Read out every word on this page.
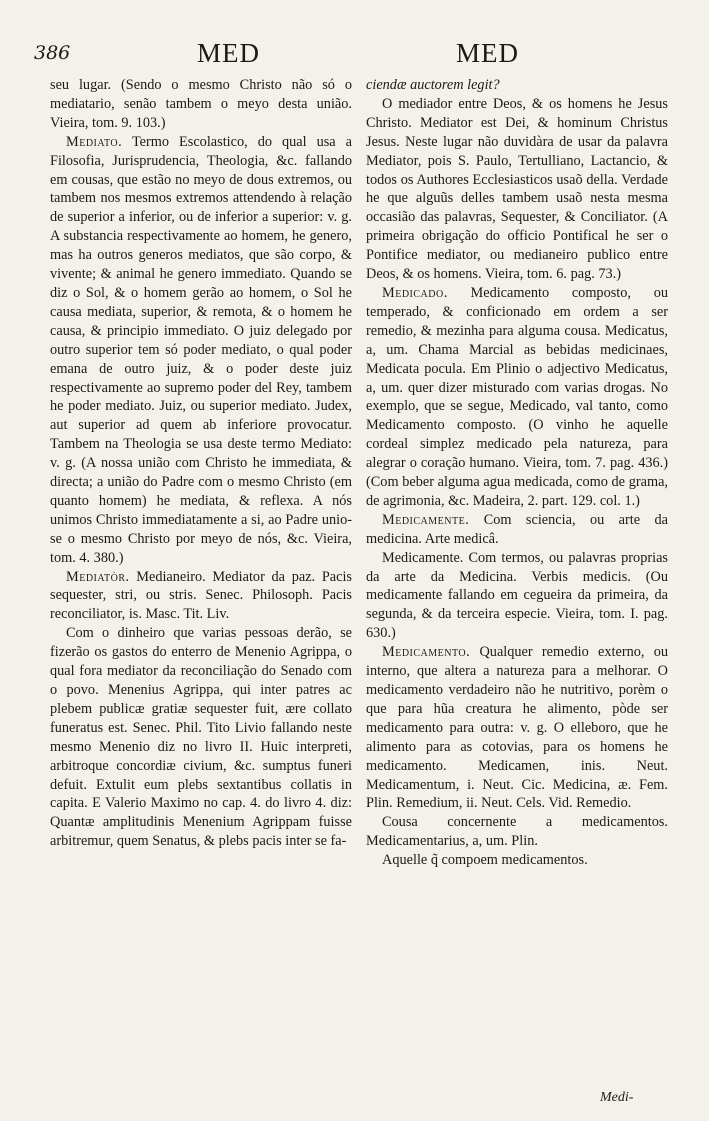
386	MED	MED

seu lugar. (Sendo o mesmo Christo não só o mediatario, senão tambem o meyo desta união. Vieira, tom. 9. 103.)

Mediato. Termo Escolastico, do qual usa a Filosofia, Jurisprudencia, Theologia, &c. fallando em cousas, que estão no meyo de dous extremos, ou tambem nos mesmos extremos attendendo à relação de superior a inferior, ou de inferior a superior: v. g. A substancia respectivamente ao homem, he genero, mas ha outros generos mediatos, que são corpo, & vivente; & animal he genero immediato. Quando se diz o Sol, & o homem gerão ao homem, o Sol he causa mediata, superior, & remota, & o homem he causa, & principio immediato. O juiz delegado por outro superior tem só poder mediato, o qual poder emana de outro juiz, & o poder deste juiz respectivamente ao supremo poder del Rey, tambem he poder mediato. Juiz, ou superior mediato. Judex, aut superior ad quem ab inferiore provocatur. Tambem na Theologia se usa deste termo Mediato: v. g. (A nossa união com Christo he immediata, & directa; a união do Padre com o mesmo Christo (em quanto homem) he mediata, & reflexa. A nós unimos Christo immediatamente a si, ao Padre unio-se o mesmo Christo por meyo de nós, &c. Vieira, tom. 4. 380.)

Mediatòr. Medianeiro. Mediator da paz. Pacis sequester, stri, ou stris. Senec. Philosoph. Pacis reconciliator, is. Masc. Tit. Liv.

Com o dinheiro que varias pessoas derão, se fizerão os gastos do enterro de Menenio Agrippa, o qual fora mediator da reconciliação do Senado com o povo. Menenius Agrippa, qui inter patres ac plebem publicæ gratiæ sequester fuit, ære collato funeratus est. Senec. Phil. Tito Livio fallando neste mesmo Menenio diz no livro II. Huic interpreti, arbitroque concordiæ civium, &c. sumptus funeri defuit. Extulit eum plebs sextantibus collatis in capita. E Valerio Maximo no cap. 4. do livro 4. diz: Quantæ amplitudinis Menenium Agrippam fuisse arbitremur, quem Senatus, & plebs pacis inter se fa-

ciendæ auctorem legit?

O mediador entre Deos, & os homens he Jesus Christo. Mediator est Dei, & hominum Christus Jesus. Neste lugar não duvidàra de usar da palavra Mediator, pois S. Paulo, Tertulliano, Lactancio, & todos os Authores Ecclesiasticos usaõ della. Verdade he que alguũs delles tambem usaõ nesta mesma occasião das palavras, Sequester, & Conciliator. (A primeira obrigação do officio Pontifical he ser o Pontifice mediator, ou medianeiro publico entre Deos, & os homens. Vieira, tom. 6. pag. 73.)

Medicado. Medicamento composto, ou temperado, & conficionado em ordem a ser remedio, & mezinha para alguma cousa. Medicatus, a, um. Chama Marcial as bebidas medicinaes, Medicata pocula. Em Plinio o adjectivo Medicatus, a, um. quer dizer misturado com varias drogas. No exemplo, que se segue, Medicado, val tanto, como Medicamento composto. (O vinho he aquelle cordeal simplez medicado pela natureza, para alegrar o coração humano. Vieira, tom. 7. pag. 436.) (Com beber alguma agua medicada, como de grama, de agrimonia, &c. Madeira, 2. part. 129. col. 1.)

Medicamente. Com sciencia, ou arte da medicina. Arte medicâ.

Medicamente. Com termos, ou palavras proprias da arte da Medicina. Verbis medicis. (Ou medicamente fallando em cegueira da primeira, da segunda, & da terceira especie. Vieira, tom. I. pag. 630.)

Medicamento. Qualquer remedio externo, ou interno, que altera a natureza para a melhorar. O medicamento verdadeiro não he nutritivo, porèm o que para hũa creatura he alimento, pòde ser medicamento para outra: v. g. O elleboro, que he alimento para as cotovias, para os homens he medicamento. Medicamen, inis. Neut. Medicamentum, i. Neut. Cic. Medicina, æ. Fem. Plin. Remedium, ii. Neut. Cels. Vid. Remedio.

Cousa concernente a medicamentos. Medicamentarius, a, um. Plin.

Aquelle q̃ compoem medicamentos.

Medi-
